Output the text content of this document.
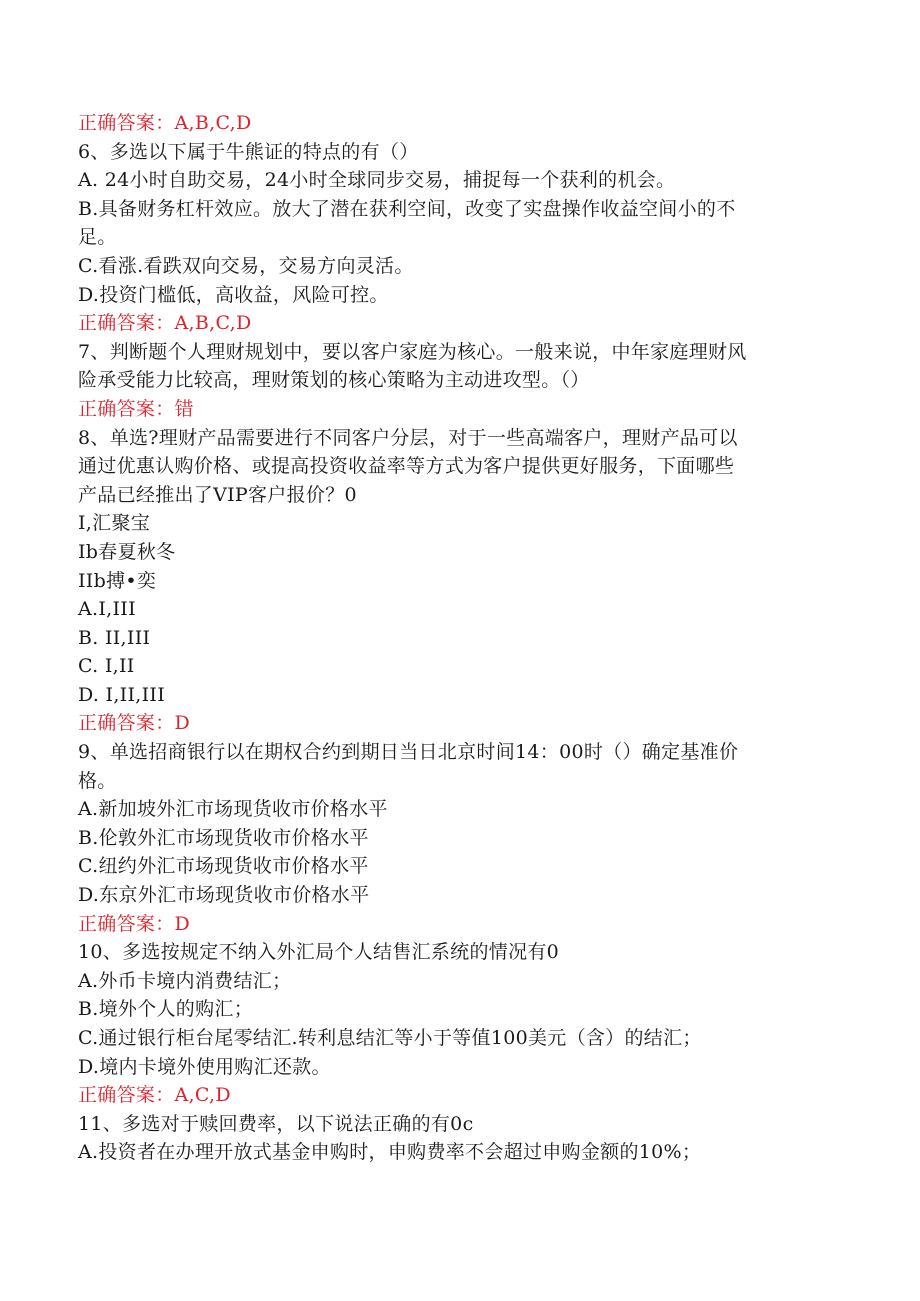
正确答案：A,B,C,D
6、多选以下属于牛熊证的特点的有（）
A. 24小时自助交易，24小时全球同步交易，捕捉每一个获利的机会。
B.具备财务杠杆效应。放大了潜在获利空间，改变了实盘操作收益空间小的不
足。
C.看涨.看跌双向交易，交易方向灵活。
D.投资门槛低，高收益，风险可控。
正确答案：A,B,C,D
7、判断题个人理财规划中，要以客户家庭为核心。一般来说，中年家庭理财风
险承受能力比较高，理财策划的核心策略为主动进攻型。（）
正确答案：错
8、单选?理财产品需要进行不同客户分层，对于一些高端客户，理财产品可以
通过优惠认购价格、或提高投资收益率等方式为客户提供更好服务，下面哪些
产品已经推出了VIP客户报价？0
I,汇聚宝
Ib春夏秋冬
IIb搏•奕
A.I,III
B. II,III
C. I,II
D. I,II,III
正确答案：D
9、单选招商银行以在期权合约到期日当日北京时间14：00时（）确定基准价
格。
A.新加坡外汇市场现货收市价格水平
B.伦敦外汇市场现货收市价格水平
C.纽约外汇市场现货收市价格水平
D.东京外汇市场现货收市价格水平
正确答案：D
10、多选按规定不纳入外汇局个人结售汇系统的情况有0
A.外币卡境内消费结汇；
B.境外个人的购汇；
C.通过银行柜台尾零结汇.转利息结汇等小于等值100美元（含）的结汇；
D.境内卡境外使用购汇还款。
正确答案：A,C,D
11、多选对于赎回费率，以下说法正确的有0c
A.投资者在办理开放式基金申购时，申购费率不会超过申购金额的10%；
